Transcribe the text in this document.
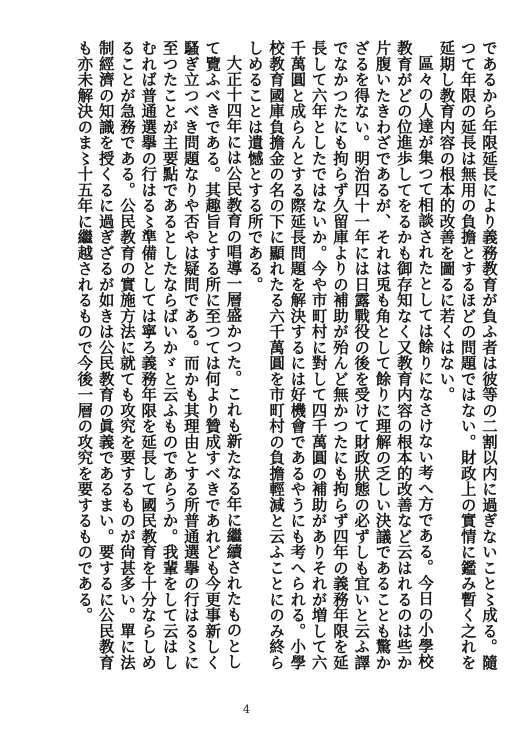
であるから年限延長により義務教育が負ふ者は彼等の二割以内に過ぎないこと〻成る。隨つて年限の延長は無用の負擔とするほどの問題ではない。財政上の實情に鑑み暫く之れを延期し教育内容の根本的改善を圖るに若くはない。

區々の人達が集つて相談されたとしては餘りになさけない考へ方である。今日の小學校教育がどの位進歩してをるかも御存知なく又教育内容の根本的改善など云はれるのは些か片腹いたきわざであるが、それは兎も角として餘りに理解の乏しい決議であることも驚かざるを得ない。明治四十一年には日露戰役の後を受けて財政狀態の必ずしも宜いと云ふ譯でなかつたにも拘らず久留庫よりの補助が殆んど無かつたにも拘らず四年の義務年限を延長して六年としたではないか。今や市町村に對して四千萬圓の補助がありそれが増して六千萬圓と成らんとする際延長問題を解決するには好機會であるやうにも考へられる。小學校教育國庫負擔金の名の下に顯れたる六千萬圓を市町村の負擔輕減と云ふことにのみ終らしめることは遺憾とする所である。

大正十四年には公民教育の唱導一層盛かつた。これも新たなる年に繼續されたものとして覽ふべきである。其趣旨とする所に至つては何より贊成すべきであれども今更事新しく騷ぎ立つべき問題なりや否やは疑問である。而かも其理由とする所普通選擧の行はる〻に至つたことが主要點であるとしたならばいかゞと云ふものであらうか。我輩をして云はしむれば普通選擧の行はる〻準備としては寧ろ義務年限を延長して國民教育を十分ならしめることが急務である。公民教育の實施方法に就ても攻究を要するものが尙甚多い。單に法制經濟の知識を授くるに過ぎざるが如きは公民教育の眞義であるまい。要するに公民教育も亦未解決のま〻十五年に繼越されるもので今後一層の攻究を要するものである。

4
